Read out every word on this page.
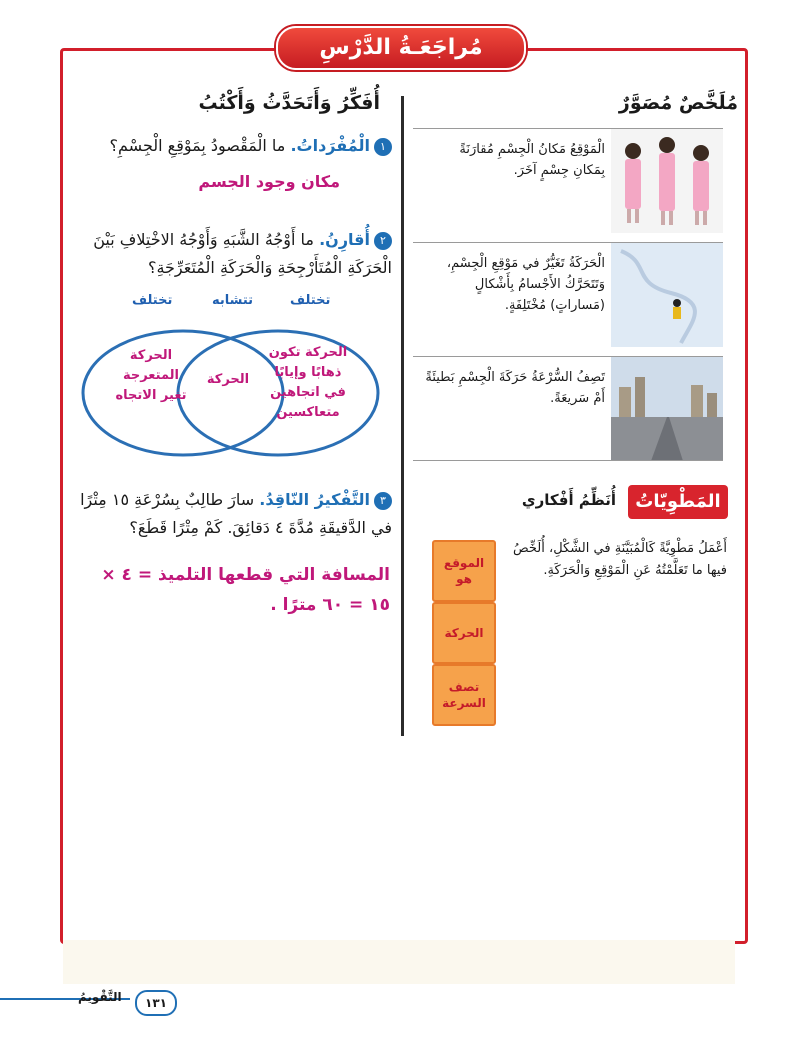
مُراجَعَـةُ الدَّرْسِ
مُلَخَّصٌ مُصَوَّرٌ
الْمَوْقِعُ مَكانُ الْجِسْمِ مُقارَنَةً بِمَكانِ جِسْمٍ آخَرَ.
الْحَرَكَةُ تَغَيُّرٌ في مَوْقِعِ الْجِسْمِ، وَتَتَحَرَّكُ الأَجْسامُ بِأَشْكالٍ (مَساراتٍ) مُخْتَلِفَةٍ.
تَصِفُ السُّرْعَةُ حَرَكَةَ الْجِسْمِ بَطيئَةً أَمْ سَريعَةً.
المَطْوِيّاتُ
أُنَظِّمُ أَفْكاري
أَعْمَلُ مَطْوِيَّةً كَالْمُبَيَّنَةِ في الشَّكْلِ، أُلَخِّصُ فيها ما تَعَلَّمْتُهُ عَنِ الْمَوْقِعِ وَالْحَرَكَةِ.
الموقع هو
الحركة
تصف السرعة
أُفَكِّرُ وَأَتَحَدَّثُ وَأَكْتُبُ
١الْمُفْرَداتُ. ما الْمَقْصودُ بِمَوْقِعِ الْجِسْمِ؟
مكان وجود الجسم
٢أُقارِنُ. ما أَوْجُهُ الشَّبَهِ وَأَوْجُهُ الاخْتِلافِ بَيْنَ الْحَرَكَةِ الْمُتَأَرْجِحَةِ وَالْحَرَكَةِ الْمُتَعَرِّجَةِ؟
تختلف	تتشابه	تختلف
الحركة تكون
ذهابًا وإيابًا
في اتجاهين
متعاكسين
الحركة
الحركة
المتعرجة
تغير الاتجاه
٣التَّفْكيرُ النّاقِدُ. سارَ طالِبٌ بِسُرْعَةِ ١٥ مِتْرًا في الدَّقيقَةِ مُدَّةَ ٤ دَقائِقَ. كَمْ مِتْرًا قَطَعَ؟
المسافة التي قطعها التلميذ = ٤ ×
١٥ = ٦٠ مترًا .
١٣١
التَّقْويمُ
